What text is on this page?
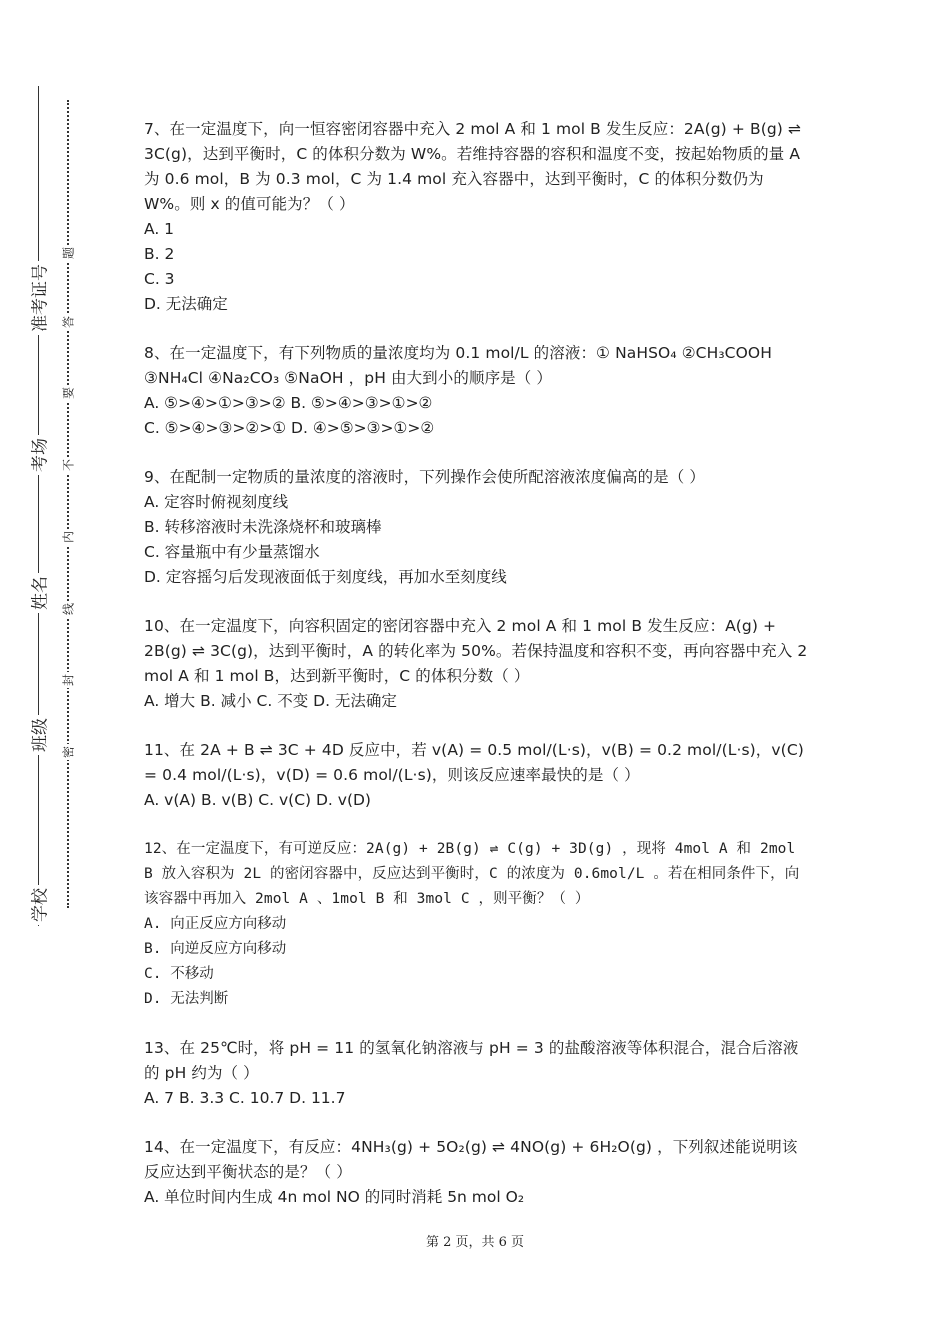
准考证号
考场
姓名
班级
学校
题
答
要
不
内
线
封
密

7、在一定温度下，向一恒容密闭容器中充入 2 mol A 和 1 mol B 发生反应：2A(g) + B(g) ⇌ 3C(g)，达到平衡时，C 的体积分数为 W%。若维持容器的容积和温度不变，按起始物质的量 A 为 0.6 mol，B 为 0.3 mol，C 为 1.4 mol 充入容器中，达到平衡时，C 的体积分数仍为 W%。则 x 的值可能为？（ ）

A. 1

B. 2

C. 3

D. 无法确定

8、在一定温度下，有下列物质的量浓度均为 0.1 mol/L 的溶液：① NaHSO₄ ②CH₃COOH ③NH₄Cl ④Na₂CO₃ ⑤NaOH ，pH 由大到小的顺序是（ ）

A. ⑤>④>①>③>② B. ⑤>④>③>①>②

C. ⑤>④>③>②>① D. ④>⑤>③>①>②

9、在配制一定物质的量浓度的溶液时，下列操作会使所配溶液浓度偏高的是（ ）

A. 定容时俯视刻度线

B. 转移溶液时未洗涤烧杯和玻璃棒

C. 容量瓶中有少量蒸馏水

D. 定容摇匀后发现液面低于刻度线，再加水至刻度线

10、在一定温度下，向容积固定的密闭容器中充入 2 mol A 和 1 mol B 发生反应：A(g) + 2B(g) ⇌ 3C(g)，达到平衡时，A 的转化率为 50%。若保持温度和容积不变，再向容器中充入 2 mol A 和 1 mol B，达到新平衡时，C 的体积分数（ ）

A. 增大 B. 减小 C. 不变 D. 无法确定

11、在 2A + B ⇌ 3C + 4D 反应中，若 v(A) = 0.5 mol/(L·s)，v(B) = 0.2 mol/(L·s)，v(C) = 0.4 mol/(L·s)，v(D) = 0.6 mol/(L·s)，则该反应速率最快的是（ ）

A. v(A) B. v(B) C. v(C) D. v(D)

12、在一定温度下，有可逆反应：2A(g) + 2B(g) ⇌ C(g) + 3D(g) ，现将 4mol A 和 2mol B 放入容积为 2L 的密闭容器中，反应达到平衡时，C 的浓度为 0.6mol/L 。若在相同条件下，向该容器中再加入 2mol A 、1mol B 和 3mol C ，则平衡？（ ）

A. 向正反应方向移动

B. 向逆反应方向移动

C. 不移动

D. 无法判断

13、在 25℃时，将 pH = 11 的氢氧化钠溶液与 pH = 3 的盐酸溶液等体积混合，混合后溶液的 pH 约为（ ）

A. 7 B. 3.3 C. 10.7 D. 11.7

14、在一定温度下，有反应：4NH₃(g) + 5O₂(g) ⇌ 4NO(g) + 6H₂O(g) ，下列叙述能说明该反应达到平衡状态的是？（ ）

A. 单位时间内生成 4n mol NO 的同时消耗 5n mol O₂

第 2 页，共 6 页
